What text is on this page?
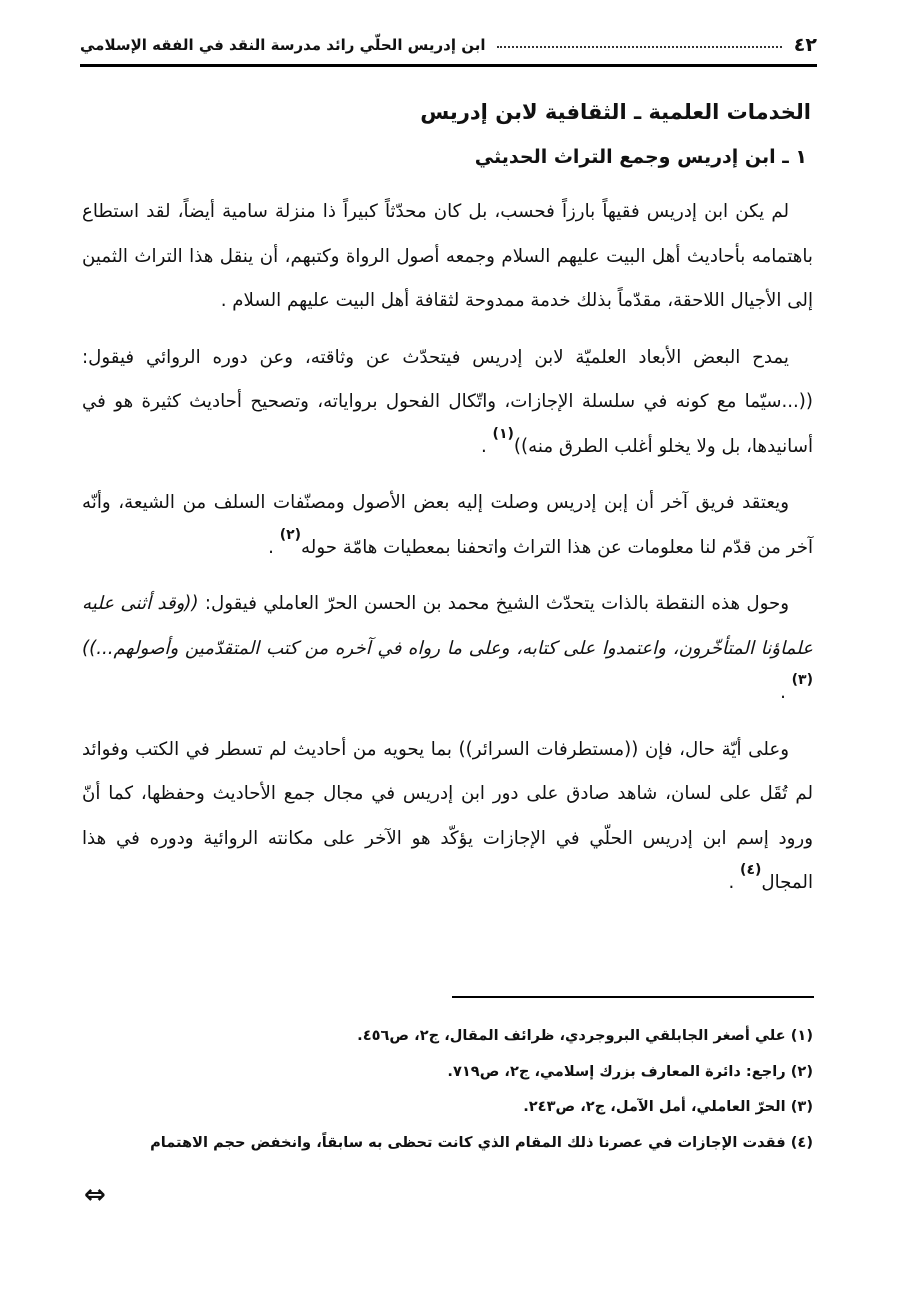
٤٢
ابن إدريس الحلّي رائد مدرسة النقد في الفقه الإسلامي
الخدمات العلمية ـ الثقافية لابن إدريس
١ ـ ابن إدريس وجمع التراث الحديثي

لم يكن ابن إدريس فقيهاً بارزاً فحسب، بل كان محدّثاً كبيراً ذا منزلة سامية أيضاً، لقد استطاع باهتمامه بأحاديث أهل البيت عليهم السلام وجمعه أصول الرواة وكتبهم، أن ينقل هذا التراث الثمين إلى الأجيال اللاحقة، مقدّماً بذلك خدمة ممدوحة لثقافة أهل البيت عليهم السلام .

يمدح البعض الأبعاد العلميّة لابن إدريس فيتحدّث عن وثاقته، وعن دوره الروائي فيقول: ((...سيّما مع كونه في سلسلة الإجازات، واتّكال الفحول برواياته، وتصحيح أحاديث كثيرة هو في أسانيدها، بل ولا يخلو أغلب الطرق منه))$^{(١)}$ .

ويعتقد فريق آخر أن إبن إدريس وصلت إليه بعض الأصول ومصنّفات السلف من الشيعة، وأنّه آخر من قدّم لنا معلومات عن هذا التراث واتحفنا بمعطيات هامّة حوله$^{(٢)}$ .

وحول هذه النقطة بالذات يتحدّث الشيخ محمد بن الحسن الحرّ العاملي فيقول: ((وقد أثنى عليه علماؤنا المتأخّرون، واعتمدوا على كتابه، وعلى ما رواه في آخره من كتب المتقدّمين وأصولهم...))$^{(٣)}$ .

وعلى أيّة حال، فإن ((مستطرفات السرائر)) بما يحويه من أحاديث لم تسطر في الكتب وفوائد لم تُقَل على لسان، شاهد صادق على دور ابن إدريس في مجال جمع الأحاديث وحفظها، كما أنّ ورود إسم ابن إدريس الحلّي في الإجازات يؤكّد هو الآخر على مكانته الروائية ودوره في هذا المجال$^{(٤)}$ .

(١) علي أصغر الجابلقي البروجردي، ظرائف المقال، ج٢، ص٤٥٦.

(٢) راجع: دائرة المعارف بزرك إسلامي، ج٢، ص٧١٩.

(٣) الحرّ العاملي، أمل الآمل، ج٢، ص٢٤٣.

(٤) فقدت الإجازات في عصرنا ذلك المقام الذي كانت تحظى به سابقاً، وانخفض حجم الاهتمام

⇔
